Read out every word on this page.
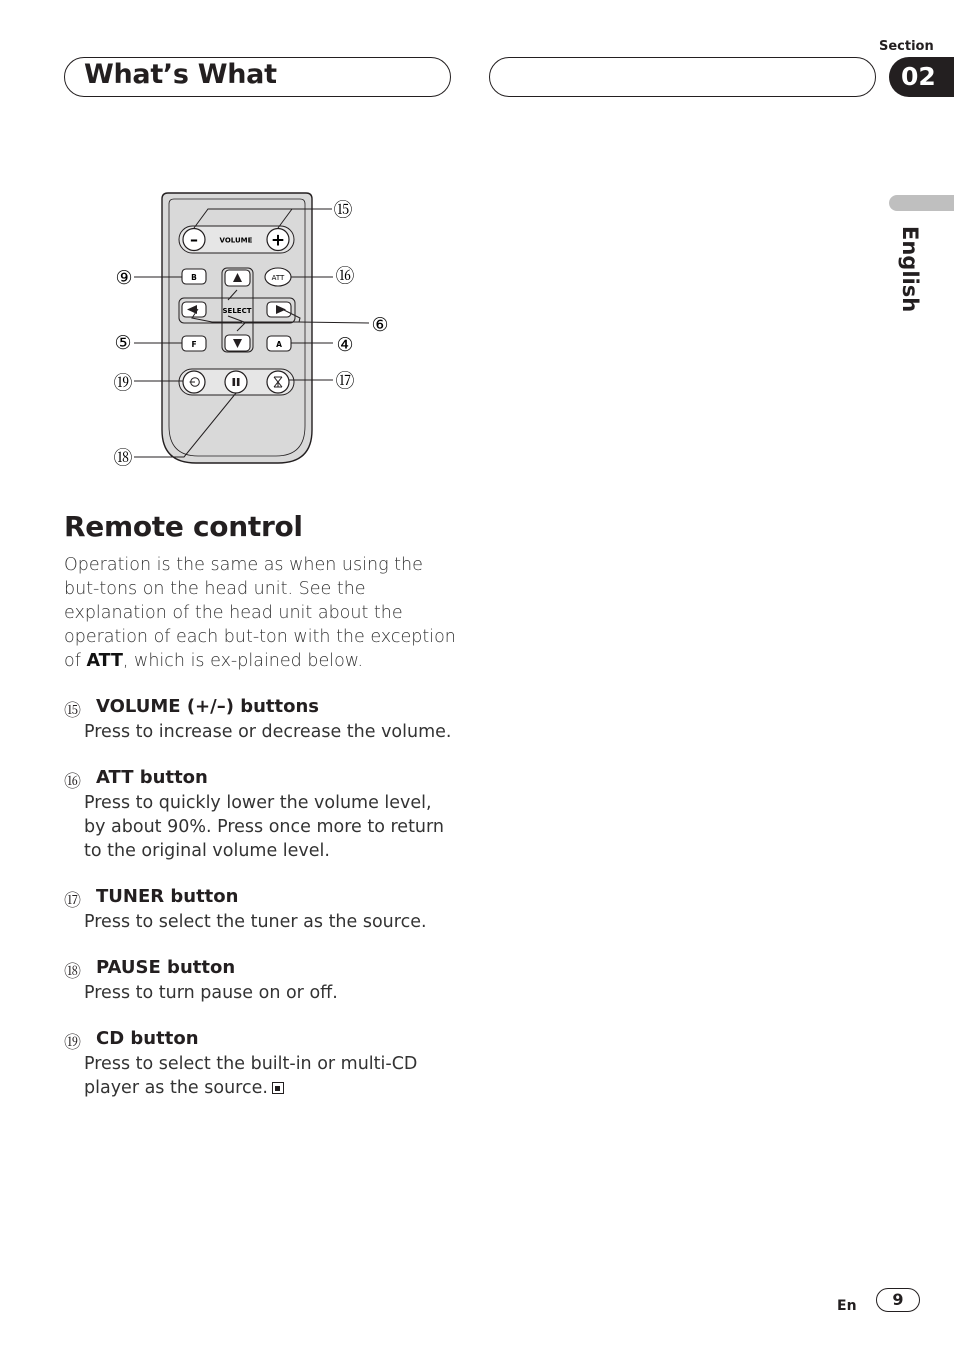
What’s What
Section
02
English
–	+
VOLUME
B	ATT
SELECT
F	A
⑮
⑯
⑨
⑥
⑤	④
⑲	⑰
⑱
Remote control

Operation is the same as when using the but-tons on the head unit. See the explanation of the head unit about the operation of each but-ton with the exception of ATT, which is ex-plained below.

⑮ VOLUME (+/–) buttons

Press to increase or decrease the volume.

⑯ ATT button

Press to quickly lower the volume level, by about 90%. Press once more to return to the original volume level.

⑰ TUNER button

Press to select the tuner as the source.

⑱ PAUSE button

Press to turn pause on or off.

⑲ CD button

Press to select the built-in or multi-CD player as the source.

En	9
